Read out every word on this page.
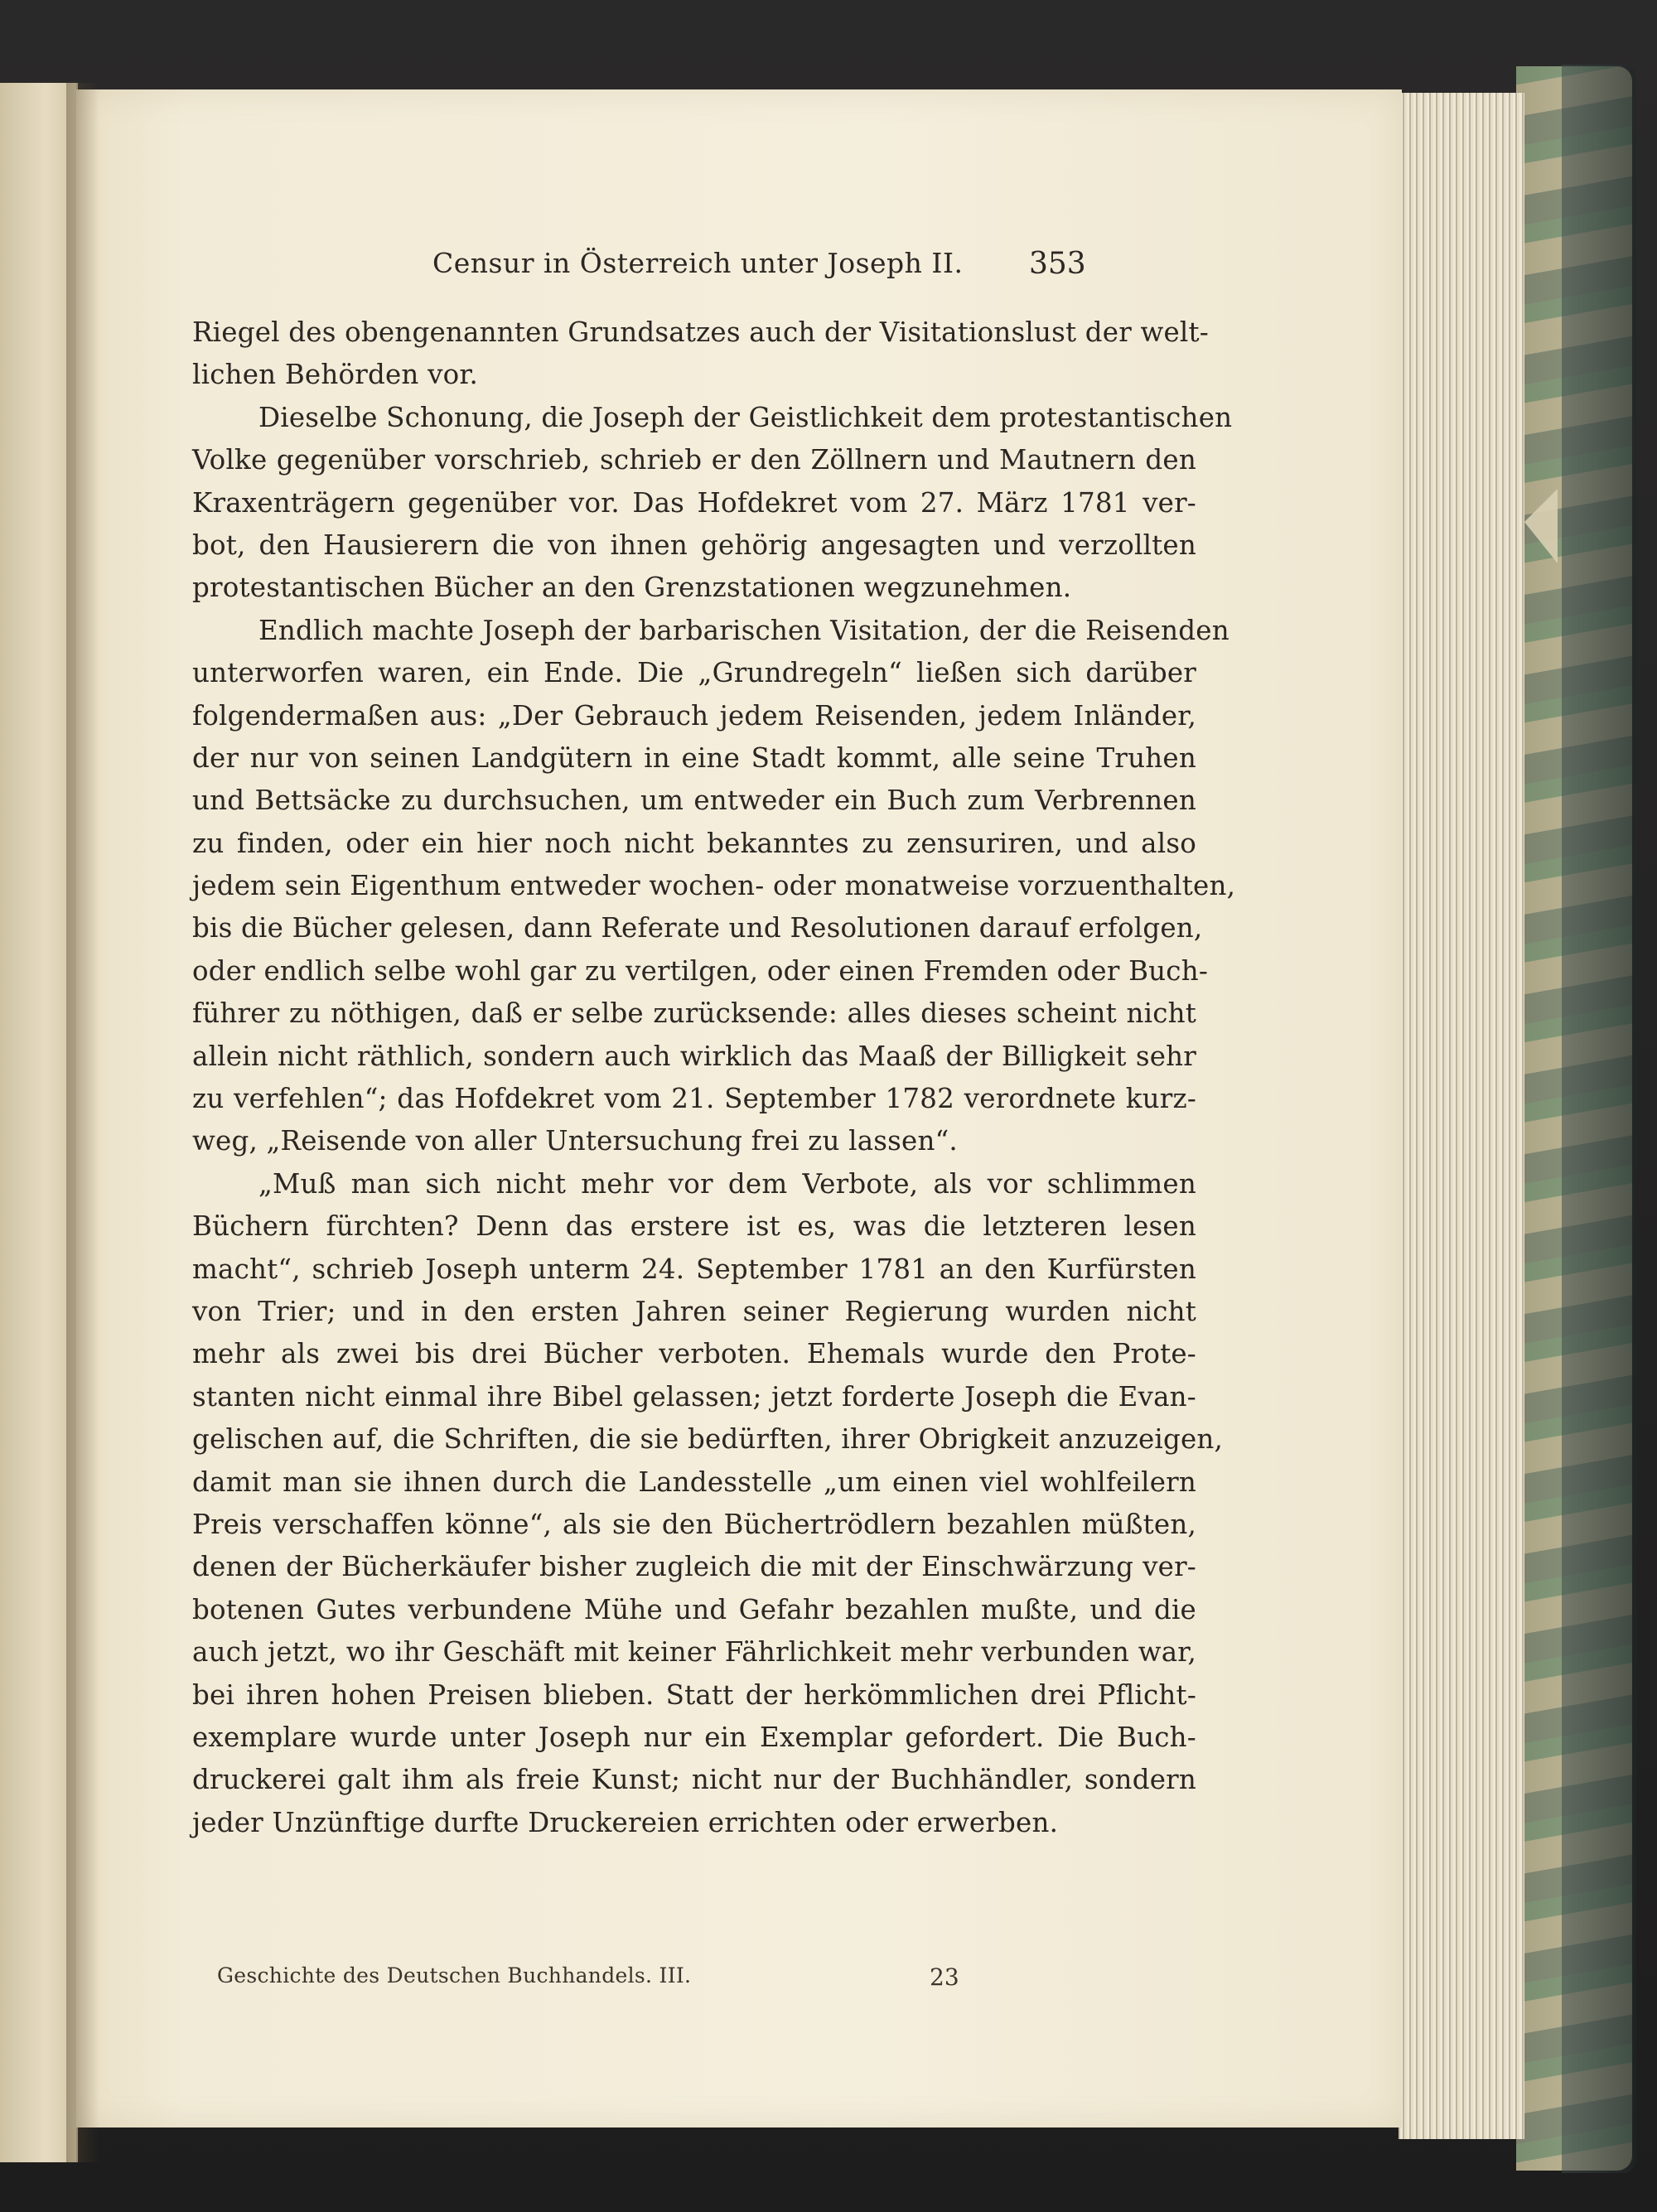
Censur in Österreich unter Joseph II. 353
Riegel des obengenannten Grundsatzes auch der Visitationslust der welt-
lichen Behörden vor.
Dieselbe Schonung, die Joseph der Geistlichkeit dem protestantischen
Volke gegenüber vorschrieb, schrieb er den Zöllnern und Mautnern den
Kraxenträgern gegenüber vor. Das Hofdekret vom 27. März 1781 ver-
bot, den Hausierern die von ihnen gehörig angesagten und verzollten
protestantischen Bücher an den Grenzstationen wegzunehmen.
Endlich machte Joseph der barbarischen Visitation, der die Reisenden
unterworfen waren, ein Ende. Die „Grundregeln“ ließen sich darüber
folgendermaßen aus: „Der Gebrauch jedem Reisenden, jedem Inländer,
der nur von seinen Landgütern in eine Stadt kommt, alle seine Truhen
und Bettsäcke zu durchsuchen, um entweder ein Buch zum Verbrennen
zu finden, oder ein hier noch nicht bekanntes zu zensuriren, und also
jedem sein Eigenthum entweder wochen- oder monatweise vorzuenthalten,
bis die Bücher gelesen, dann Referate und Resolutionen darauf erfolgen,
oder endlich selbe wohl gar zu vertilgen, oder einen Fremden oder Buch-
führer zu nöthigen, daß er selbe zurücksende: alles dieses scheint nicht
allein nicht räthlich, sondern auch wirklich das Maaß der Billigkeit sehr
zu verfehlen“; das Hofdekret vom 21. September 1782 verordnete kurz-
weg, „Reisende von aller Untersuchung frei zu lassen“.
„Muß man sich nicht mehr vor dem Verbote, als vor schlimmen
Büchern fürchten? Denn das erstere ist es, was die letzteren lesen
macht“, schrieb Joseph unterm 24. September 1781 an den Kurfürsten
von Trier; und in den ersten Jahren seiner Regierung wurden nicht
mehr als zwei bis drei Bücher verboten. Ehemals wurde den Prote-
stanten nicht einmal ihre Bibel gelassen; jetzt forderte Joseph die Evan-
gelischen auf, die Schriften, die sie bedürften, ihrer Obrigkeit anzuzeigen,
damit man sie ihnen durch die Landesstelle „um einen viel wohlfeilern
Preis verschaffen könne“, als sie den Büchertrödlern bezahlen müßten,
denen der Bücherkäufer bisher zugleich die mit der Einschwärzung ver-
botenen Gutes verbundene Mühe und Gefahr bezahlen mußte, und die
auch jetzt, wo ihr Geschäft mit keiner Fährlichkeit mehr verbunden war,
bei ihren hohen Preisen blieben. Statt der herkömmlichen drei Pflicht-
exemplare wurde unter Joseph nur ein Exemplar gefordert. Die Buch-
druckerei galt ihm als freie Kunst; nicht nur der Buchhändler, sondern
jeder Unzünftige durfte Druckereien errichten oder erwerben.
Geschichte des Deutschen Buchhandels. III.	23
